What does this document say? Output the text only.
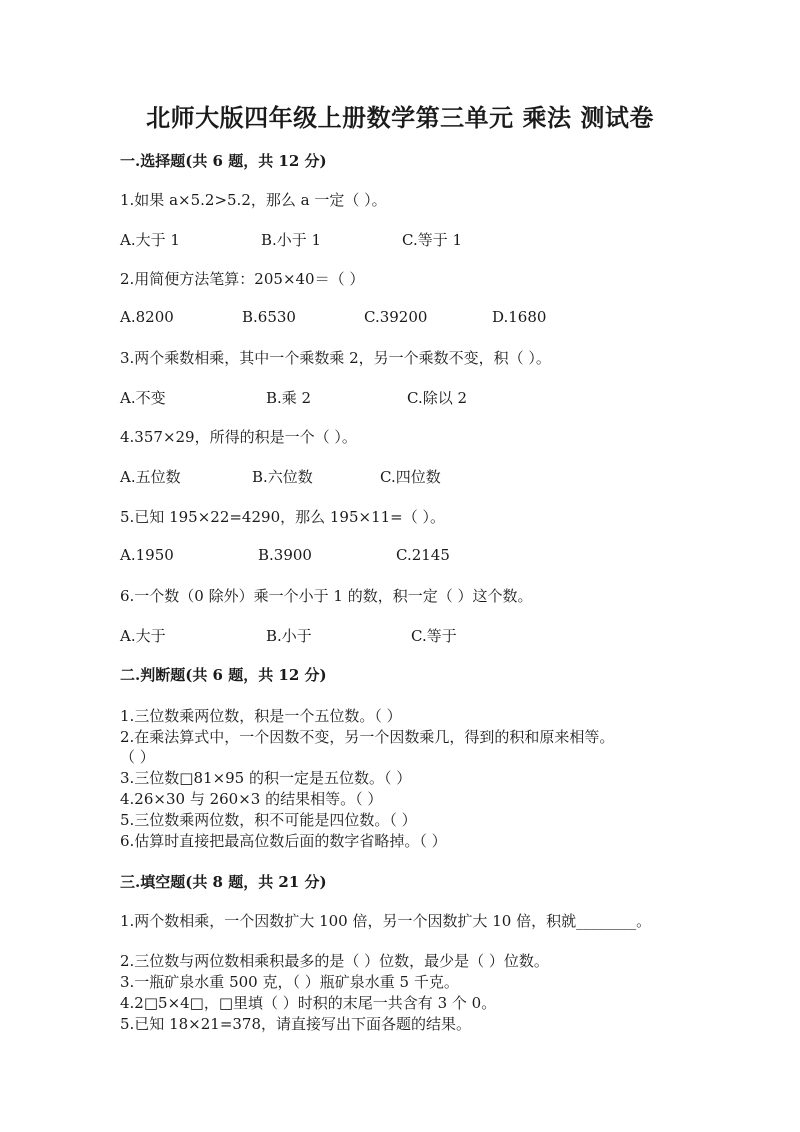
北师大版四年级上册数学第三单元 乘法 测试卷
一.选择题(共 6 题，共 12 分)
1.如果 a×5.2>5.2，那么 a 一定（ ）。
A.大于 1	B.小于 1	C.等于 1
2.用简便方法笔算：205×40＝（ ）
A.8200	B.6530	C.39200	D.1680
3.两个乘数相乘，其中一个乘数乘 2，另一个乘数不变，积（ ）。
A.不变	B.乘 2	C.除以 2
4.357×29，所得的积是一个（ ）。
A.五位数	B.六位数	C.四位数
5.已知 195×22=4290，那么 195×11=（ ）。
A.1950	B.3900	C.2145
6.一个数（0 除外）乘一个小于 1 的数，积一定（ ）这个数。
A.大于	B.小于	C.等于
二.判断题(共 6 题，共 12 分)
1.三位数乘两位数，积是一个五位数。（ ）
2.在乘法算式中，一个因数不变，另一个因数乘几，得到的积和原来相等。
（ ）
3.三位数□81×95 的积一定是五位数。（ ）
4.26×30 与 260×3 的结果相等。（ ）
5.三位数乘两位数，积不可能是四位数。（ ）
6.估算时直接把最高位数后面的数字省略掉。（ ）
三.填空题(共 8 题，共 21 分)
1.两个数相乘，一个因数扩大 100 倍，另一个因数扩大 10 倍，积就________。
2.三位数与两位数相乘积最多的是（ ）位数，最少是（ ）位数。
3.一瓶矿泉水重 500 克，（ ）瓶矿泉水重 5 千克。
4.2□5×4□，□里填（ ）时积的末尾一共含有 3 个 0。
5.已知 18×21=378，请直接写出下面各题的结果。
